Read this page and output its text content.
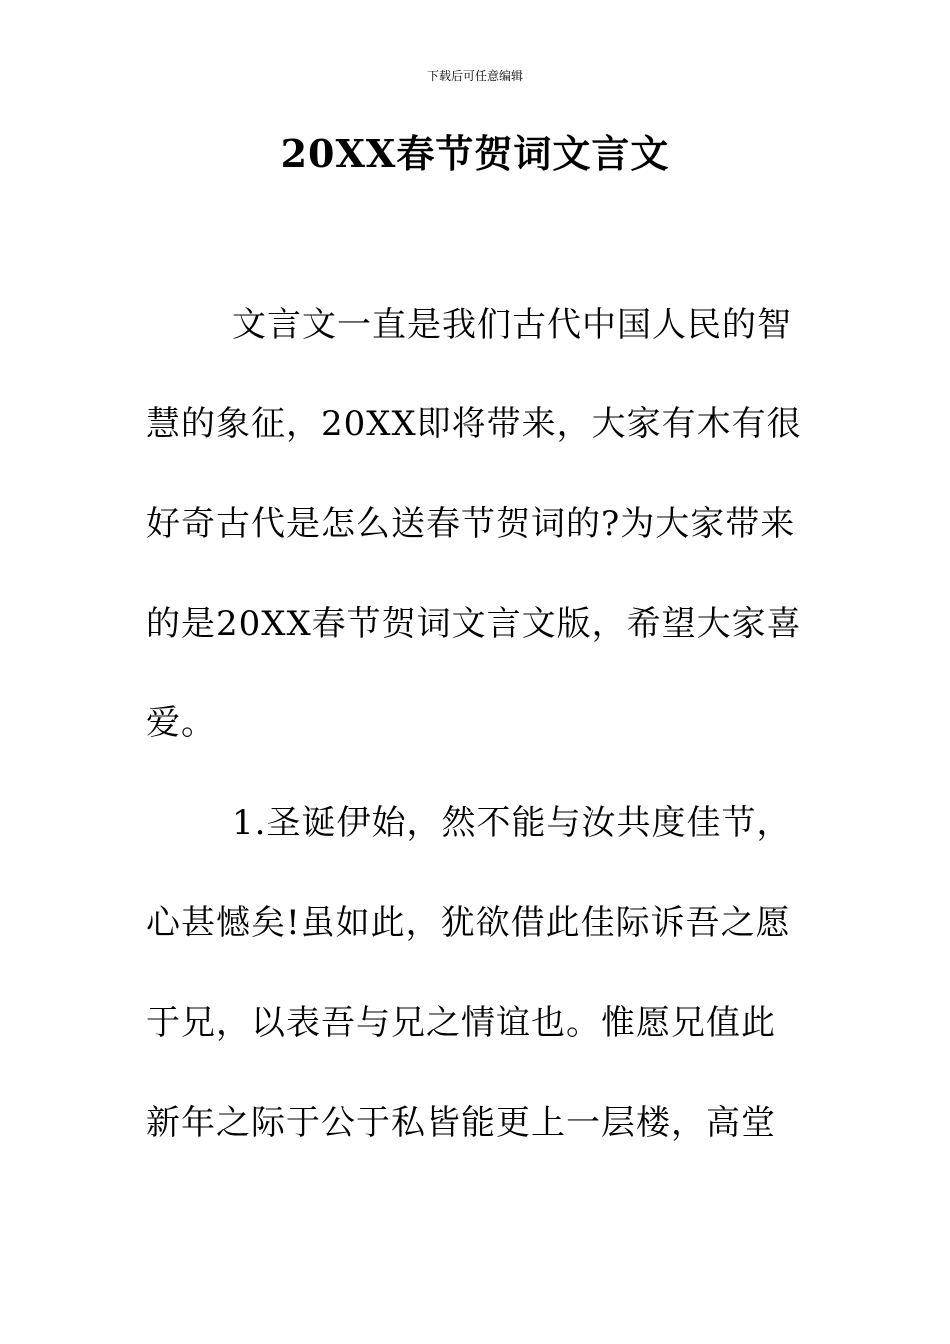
下载后可任意编辑
20XX春节贺词文言文

文言文一直是我们古代中国人民的智

慧的象征，20XX即将带来，大家有木有很

好奇古代是怎么送春节贺词的?为大家带来

的是20XX春节贺词文言文版，希望大家喜

爱。

1.圣诞伊始，然不能与汝共度佳节，

心甚憾矣!虽如此，犹欲借此佳际诉吾之愿

于兄，以表吾与兄之情谊也。惟愿兄值此

新年之际于公于私皆能更上一层楼，高堂
